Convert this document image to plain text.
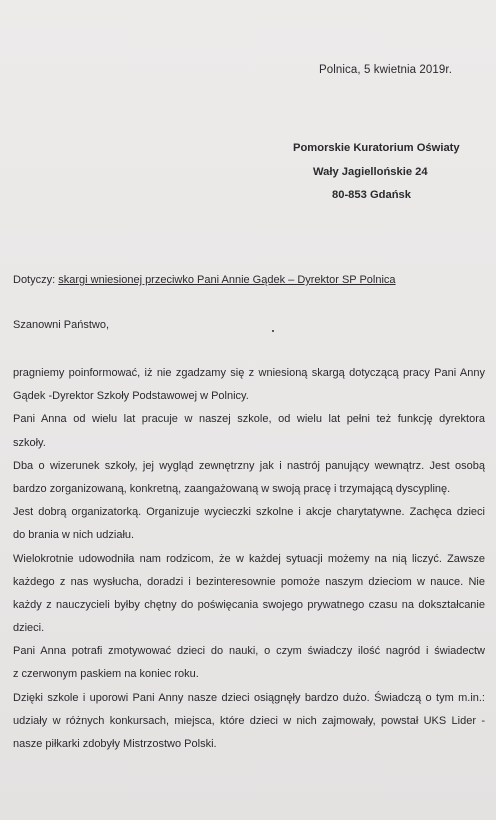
Polnica, 5 kwietnia 2019r.
Pomorskie Kuratorium Oświaty
Wały Jagiellońskie 24
80-853 Gdańsk
Dotyczy: skargi wniesionej przeciwko Pani Annie Gądek – Dyrektor SP Polnica
Szanowni Państwo,
pragniemy poinformować, iż nie zgadzamy się z wniesioną skargą dotyczącą pracy Pani Anny
Gądek -Dyrektor Szkoły Podstawowej w Polnicy.
Pani Anna od wielu lat pracuje w naszej szkole, od wielu lat pełni też funkcję dyrektora
szkoły.
Dba o wizerunek szkoły, jej wygląd zewnętrzny jak i nastrój panujący wewnątrz. Jest osobą
bardzo zorganizowaną, konkretną, zaangażowaną w swoją pracę i trzymającą dyscyplinę.
Jest dobrą organizatorką. Organizuje wycieczki szkolne i akcje charytatywne. Zachęca dzieci
do brania w nich udziału.
Wielokrotnie udowodniła nam rodzicom, że w każdej sytuacji możemy na nią liczyć. Zawsze
każdego z nas wysłucha, doradzi i bezinteresownie pomoże naszym dzieciom w nauce. Nie
każdy z nauczycieli byłby chętny do poświęcania swojego prywatnego czasu na dokształcanie
dzieci.
Pani Anna potrafi zmotywować dzieci do nauki, o czym świadczy ilość nagród i świadectw
z czerwonym paskiem na koniec roku.
Dzięki szkole i uporowi Pani Anny nasze dzieci osiągnęły bardzo dużo. Świadczą o tym m.in.:
udziały w różnych konkursach, miejsca, które dzieci w nich zajmowały, powstał UKS Lider -
nasze piłkarki zdobyły Mistrzostwo Polski.
